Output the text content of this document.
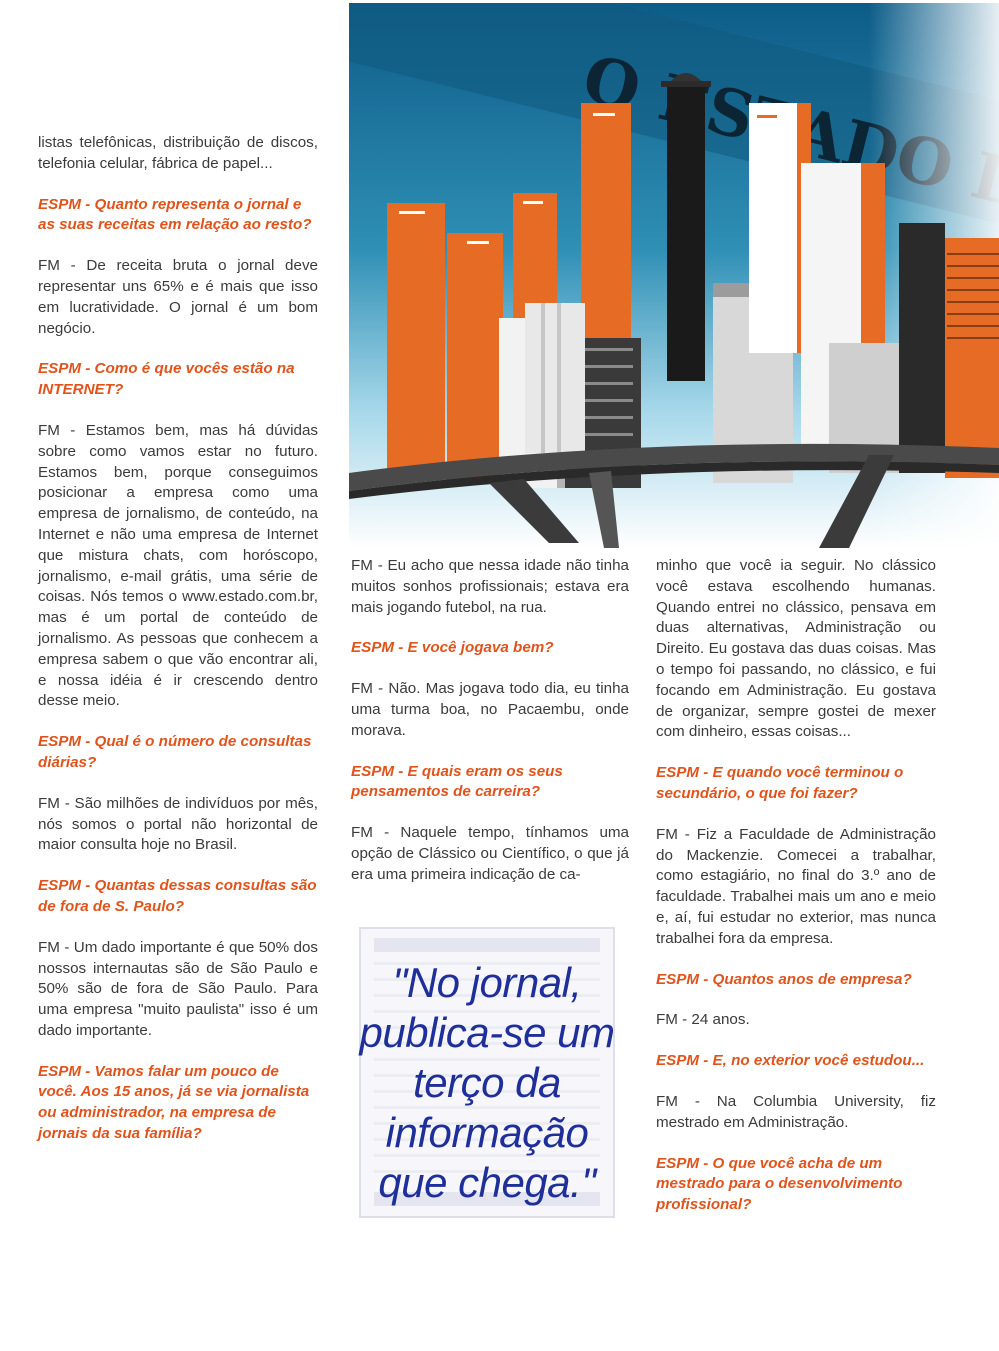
listas telefônicas, distribuição de discos, telefonia celular, fábrica de papel...

ESPM - Quanto representa o jornal e as suas receitas em relação ao resto?

FM - De receita bruta o jornal deve representar uns 65% e é mais que isso em lucratividade. O jornal é um bom negócio.

ESPM - Como é que vocês estão na INTERNET?

FM - Estamos bem, mas há dúvidas sobre como vamos estar no futuro. Estamos bem, porque conseguimos posicionar a empresa como uma empresa de jornalismo, de conteúdo, na Internet e não uma empresa de Internet que mistura chats, com horóscopo, jornalismo, e-mail grátis, uma série de coisas. Nós temos o www.estado.com.br, mas é um portal de conteúdo de jornalismo. As pessoas que conhecem a empresa sabem o que vão encontrar ali, e nossa idéia é ir crescendo dentro desse meio.

ESPM - Qual é o número de consultas diárias?

FM - São milhões de indivíduos por mês, nós somos o portal não horizontal de maior consulta hoje no Brasil.

ESPM - Quantas dessas consultas são de fora de S. Paulo?

FM - Um dado importante é que 50% dos nossos internautas são de São Paulo e 50% são de fora de São Paulo. Para uma empresa "muito paulista" isso é um dado importante.

ESPM - Vamos falar um pouco de você. Aos 15 anos, já se via jornalista ou administrador, na empresa de jornais da sua família?

FM - Eu acho que nessa idade não tinha muitos sonhos profissionais; estava era mais jogando futebol, na rua.

ESPM - E você jogava bem?

FM - Não. Mas jogava todo dia, eu tinha uma turma boa, no Pacaembu, onde morava.

ESPM - E quais eram os seus pensamentos de carreira?

FM - Naquele tempo, tínhamos uma opção de Clássico ou Científico, o que já era uma primeira indicação de ca-

"No jornal, publica-se um terço da informação que chega."

minho que você ia seguir. No clássico você estava escolhendo humanas. Quando entrei no clássico, pensava em duas alternativas, Administração ou Direito. Eu gostava das duas coisas. Mas o tempo foi passando, no clássico, e fui focando em Administração. Eu gostava de organizar, sempre gostei de mexer com dinheiro, essas coisas...

ESPM - E quando você terminou o secundário, o que foi fazer?

FM - Fiz a Faculdade de Administração do Mackenzie. Comecei a trabalhar, como estagiário, no final do 3.º ano de faculdade. Trabalhei mais um ano e meio e, aí, fui estudar no exterior, mas nunca trabalhei fora da empresa.

ESPM - Quantos anos de empresa?

FM - 24 anos.

ESPM - E, no exterior você estudou...

FM - Na Columbia University, fiz mestrado em Administração.

ESPM - O que você acha de um mestrado para o desenvolvimento profissional?
